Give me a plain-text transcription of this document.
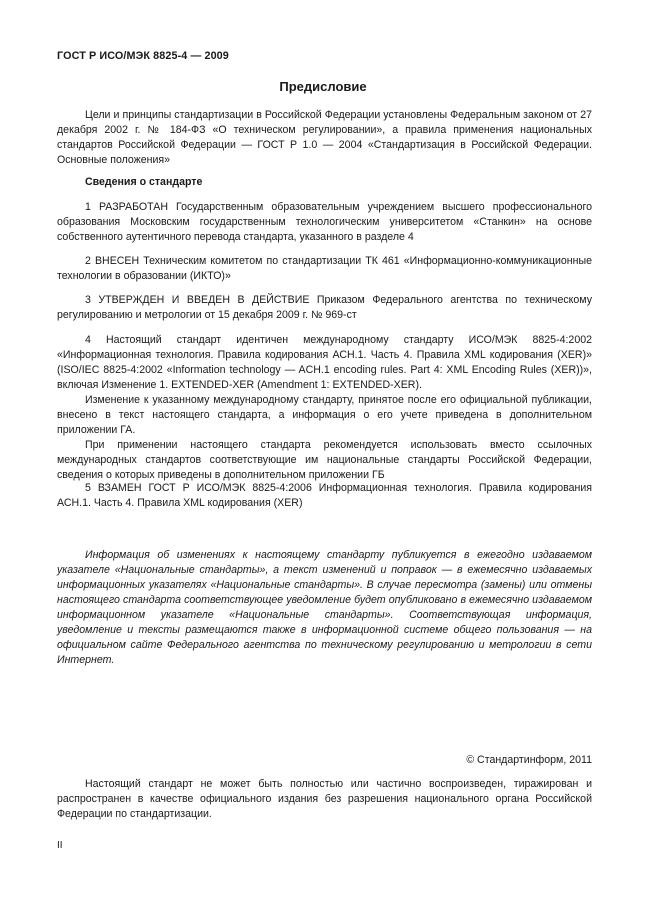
ГОСТ Р ИСО/МЭК 8825-4 — 2009
Предисловие

Цели и принципы стандартизации в Российской Федерации установлены Федеральным законом от 27 декабря 2002 г. № 184-ФЗ «О техническом регулировании», а правила применения национальных стандартов Российской Федерации — ГОСТ Р 1.0 — 2004 «Стандартизация в Российской Федерации. Основные положения»

Сведения о стандарте

1 РАЗРАБОТАН Государственным образовательным учреждением высшего профессионального образования Московским государственным технологическим университетом «Станкин» на основе собственного аутентичного перевода стандарта, указанного в разделе 4

2 ВНЕСЕН Техническим комитетом по стандартизации ТК 461 «Информационно-коммуникационные технологии в образовании (ИКТО)»

3 УТВЕРЖДЕН И ВВЕДЕН В ДЕЙСТВИЕ Приказом Федерального агентства по техническому регулированию и метрологии от 15 декабря 2009 г. № 969-ст

4 Настоящий стандарт идентичен международному стандарту ИСО/МЭК 8825-4:2002 «Информационная технология. Правила кодирования АСН.1. Часть 4. Правила XML кодирования (XER)» (ISO/IEC 8825-4:2002 «Information technology — ACH.1 encoding rules. Part 4: XML Encoding Rules (XER))», включая Изменение 1. EXTENDED-XER (Amendment 1: EXTENDED-XER).

Изменение к указанному международному стандарту, принятое после его официальной публикации, внесено в текст настоящего стандарта, а информация о его учете приведена в дополнительном приложении ГА.

При применении настоящего стандарта рекомендуется использовать вместо ссылочных международных стандартов соответствующие им национальные стандарты Российской Федерации, сведения о которых приведены в дополнительном приложении ГБ

5 ВЗАМЕН ГОСТ Р ИСО/МЭК 8825-4:2006 Информационная технология. Правила кодирования АСН.1. Часть 4. Правила XML кодирования (XER)

Информация об изменениях к настоящему стандарту публикуется в ежегодно издаваемом указателе «Национальные стандарты», а текст изменений и поправок — в ежемесячно издаваемых информационных указателях «Национальные стандарты». В случае пересмотра (замены) или отмены настоящего стандарта соответствующее уведомление будет опубликовано в ежемесячно издаваемом информационном указателе «Национальные стандарты». Соответствующая информация, уведомление и тексты размещаются также в информационной системе общего пользования — на официальном сайте Федерального агентства по техническому регулированию и метрологии в сети Интернет.

© Стандартинформ, 2011

Настоящий стандарт не может быть полностью или частично воспроизведен, тиражирован и распространен в качестве официального издания без разрешения национального органа Российской Федерации по стандартизации.

II
